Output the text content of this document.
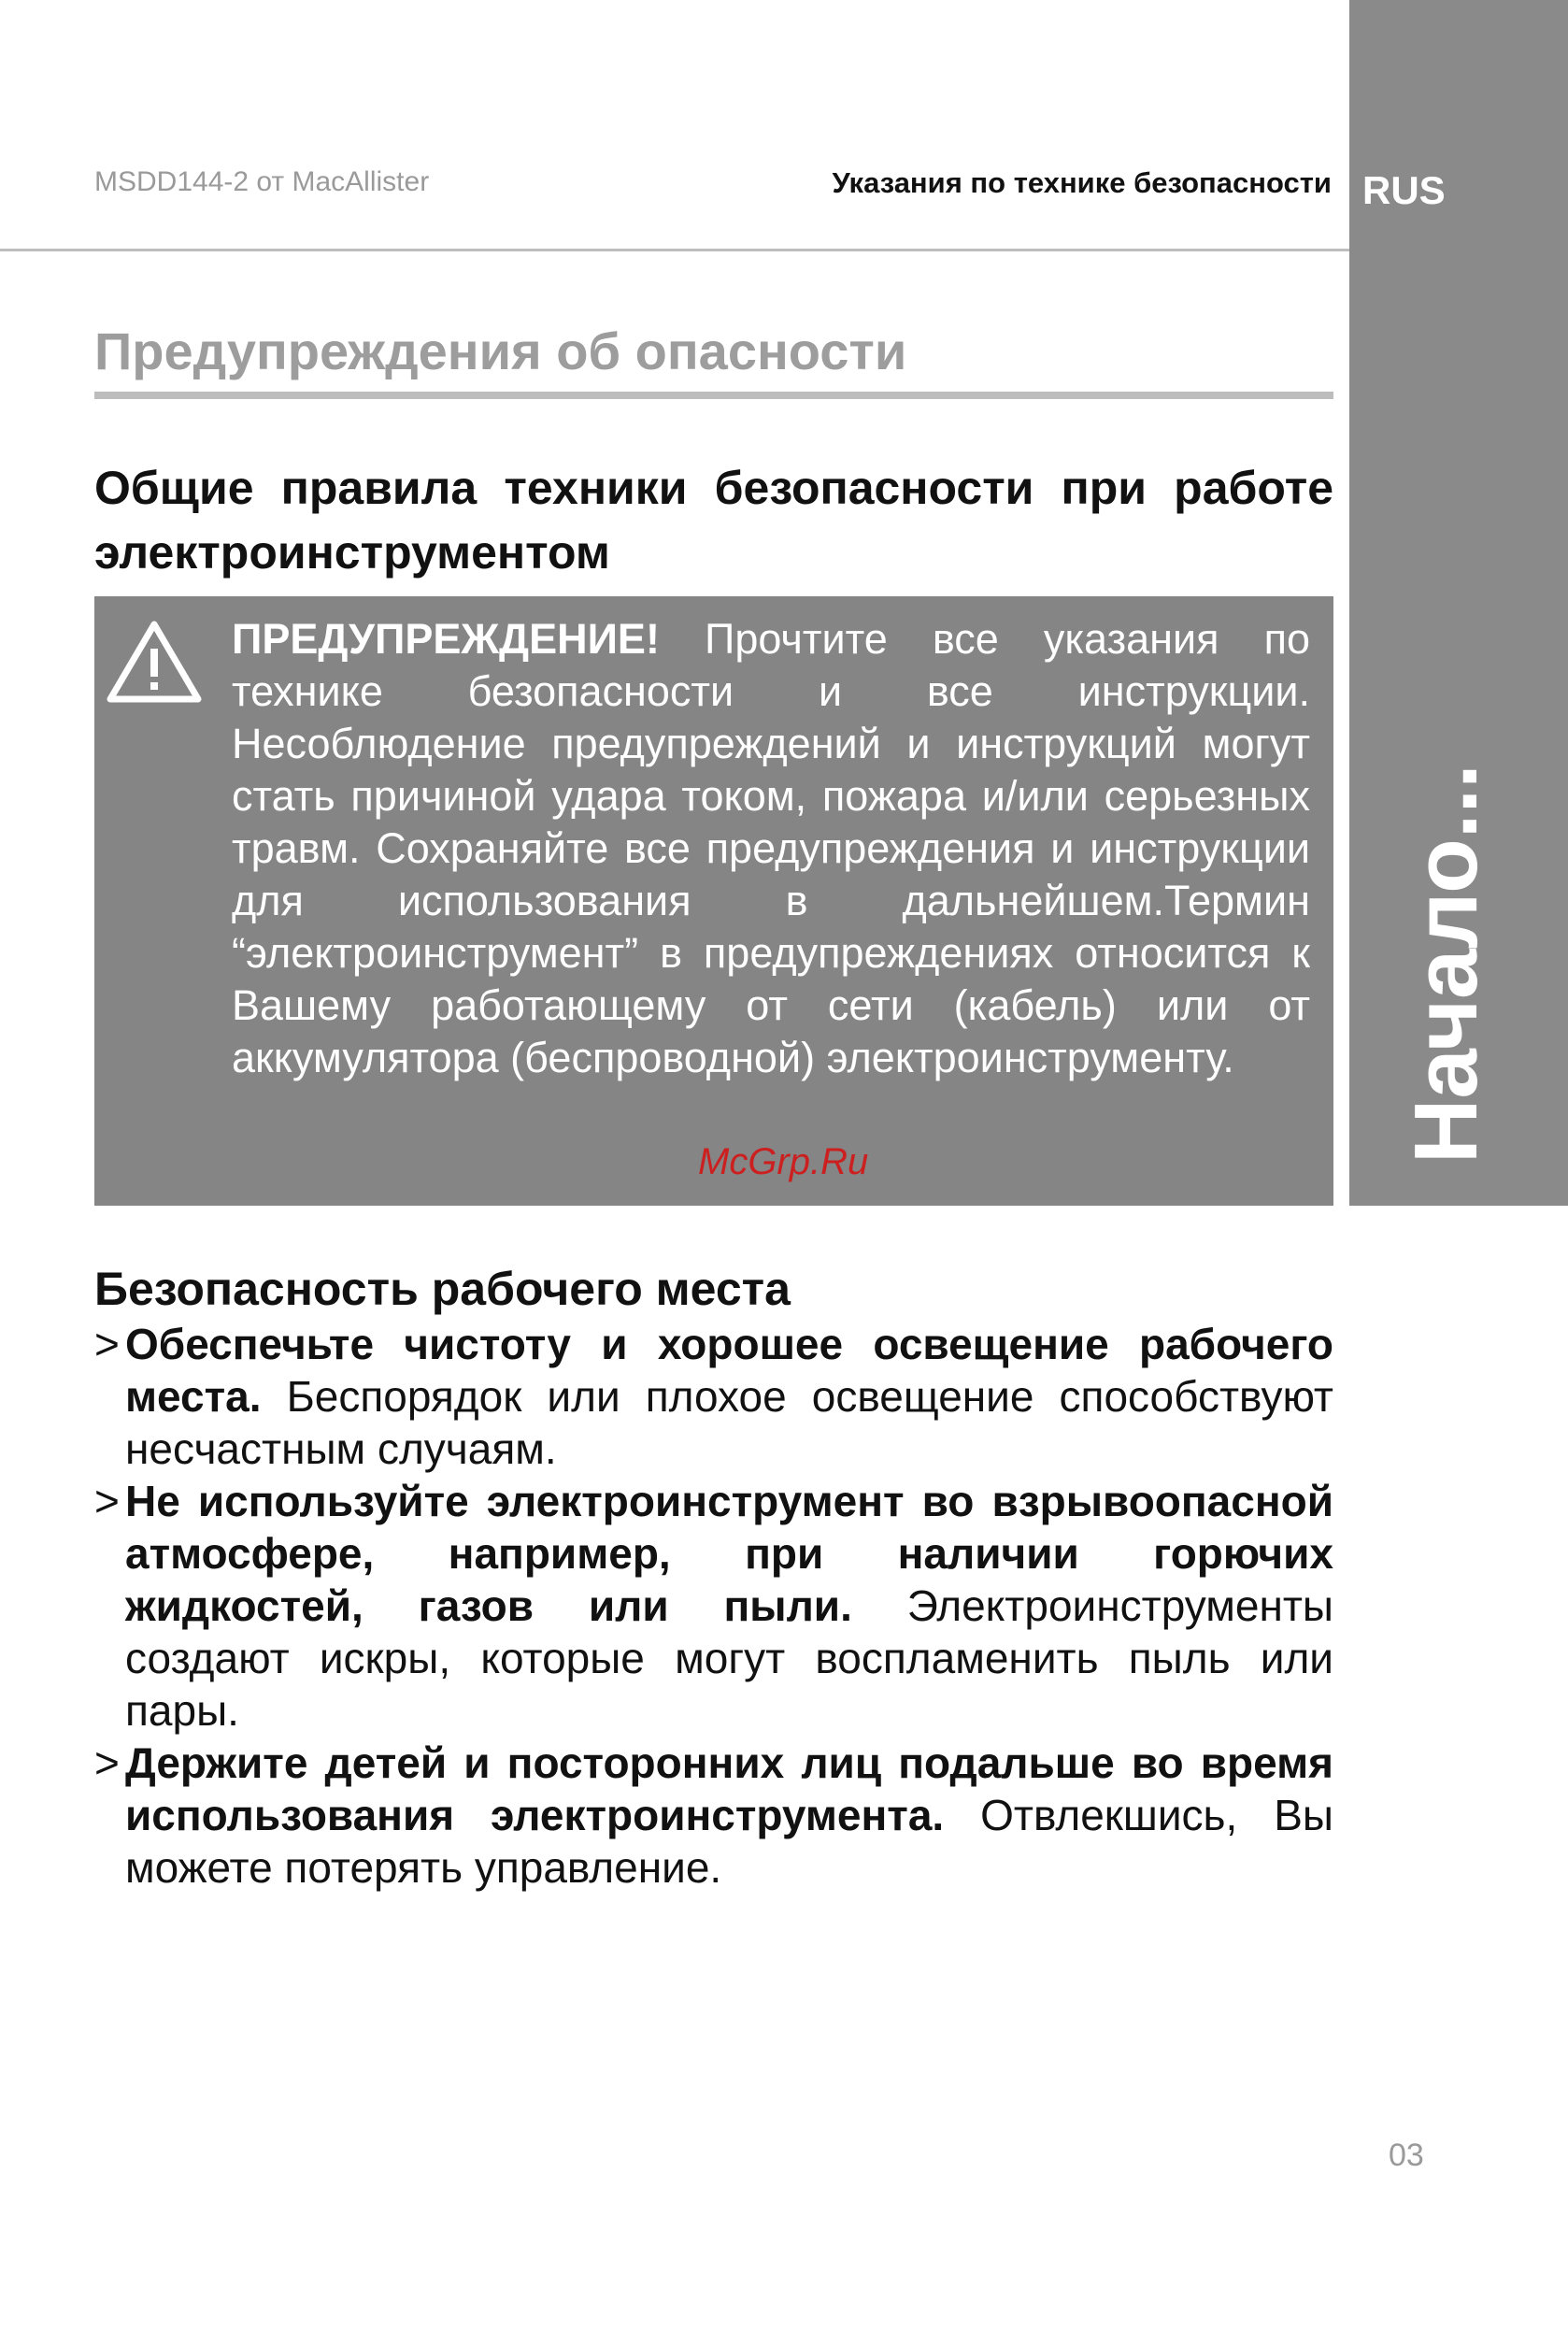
MSDD144-2 от MacAllister	Указания по технике безопасности RUS
Начало...
Предупреждения об опасности
Общие правила техники безопасности при работе электроинструментом
ПРЕДУПРЕЖДЕНИЕ! Прочтите все указания по технике безопасности и все инструкции. Несоблюдение предупреждений и инструкций могут стать причиной удара током, пожара и/или серьезных травм. Сохраняйте все предупреждения и инструкции для использования в дальнейшем.Термин “электроинструмент” в предупреждениях относится к Вашему работающему от сети (кабель) или от аккумулятора (беспроводной) электроинструменту.
McGrp.Ru
Безопасность рабочего места
> Обеспечьте чистоту и хорошее освещение рабочего места. Беспорядок или плохое освещение способствуют несчастным случаям.
> Не используйте электроинструмент во взрывоопасной атмосфере, например, при наличии горючих жидкостей, газов или пыли. Электроинструменты создают искры, которые могут воспламенить пыль или пары.
> Держите детей и посторонних лиц подальше во время использования электроинструмента. Отвлекшись, Вы можете потерять управление.
03
